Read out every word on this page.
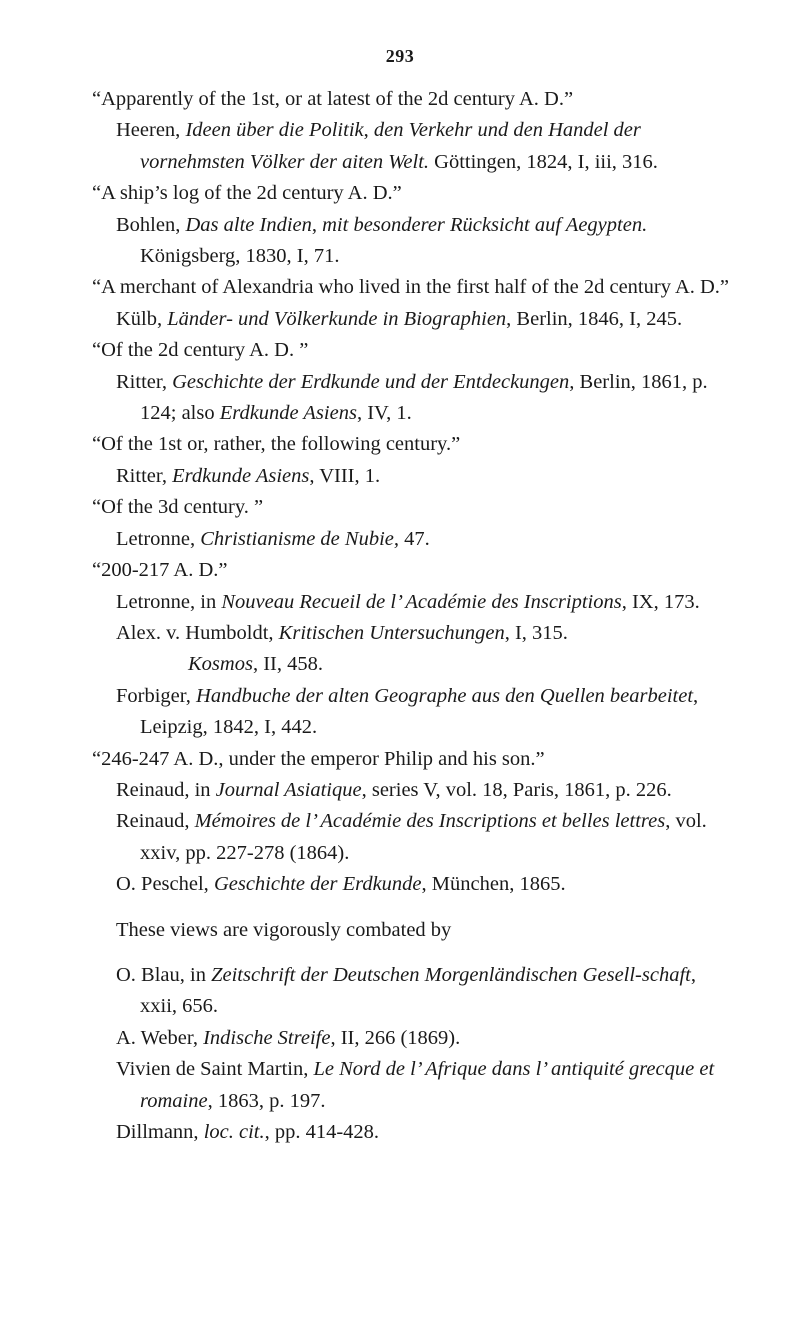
293
“Apparently of the 1st, or at latest of the 2d century A. D.”
Heeren, Ideen über die Politik, den Verkehr und den Handel der vornehmsten Völker der aiten Welt. Göttingen, 1824, I, iii, 316.
“A ship’s log of the 2d century A. D.”
Bohlen, Das alte Indien, mit besonderer Rücksicht auf Aegypten. Königsberg, 1830, I, 71.
“A merchant of Alexandria who lived in the first half of the 2d century A. D.”
Külb, Länder- und Völkerkunde in Biographien, Berlin, 1846, I, 245.
“Of the 2d century A. D. ”
Ritter, Geschichte der Erdkunde und der Entdeckungen, Berlin, 1861, p. 124; also Erdkunde Asiens, IV, 1.
“Of the 1st or, rather, the following century.”
Ritter, Erdkunde Asiens, VIII, 1.
“Of the 3d century. ”
Letronne, Christianisme de Nubie, 47.
“200-217 A. D.”
Letronne, in Nouveau Recueil de l’ Académie des Inscriptions, IX, 173.
Alex. v. Humboldt, Kritischen Untersuchungen, I, 315.
Kosmos, II, 458.
Forbiger, Handbuche der alten Geographe aus den Quellen bearbeitet, Leipzig, 1842, I, 442.
“246-247 A. D., under the emperor Philip and his son.”
Reinaud, in Journal Asiatique, series V, vol. 18, Paris, 1861, p. 226.
Reinaud, Mémoires de l’ Académie des Inscriptions et belles lettres, vol. xxiv, pp. 227-278 (1864).
O. Peschel, Geschichte der Erdkunde, München, 1865.
These views are vigorously combated by
O. Blau, in Zeitschrift der Deutschen Morgenländischen Gesell-schaft, xxii, 656.
A. Weber, Indische Streife, II, 266 (1869).
Vivien de Saint Martin, Le Nord de l’ Afrique dans l’ antiquité grecque et romaine, 1863, p. 197.
Dillmann, loc. cit., pp. 414-428.
